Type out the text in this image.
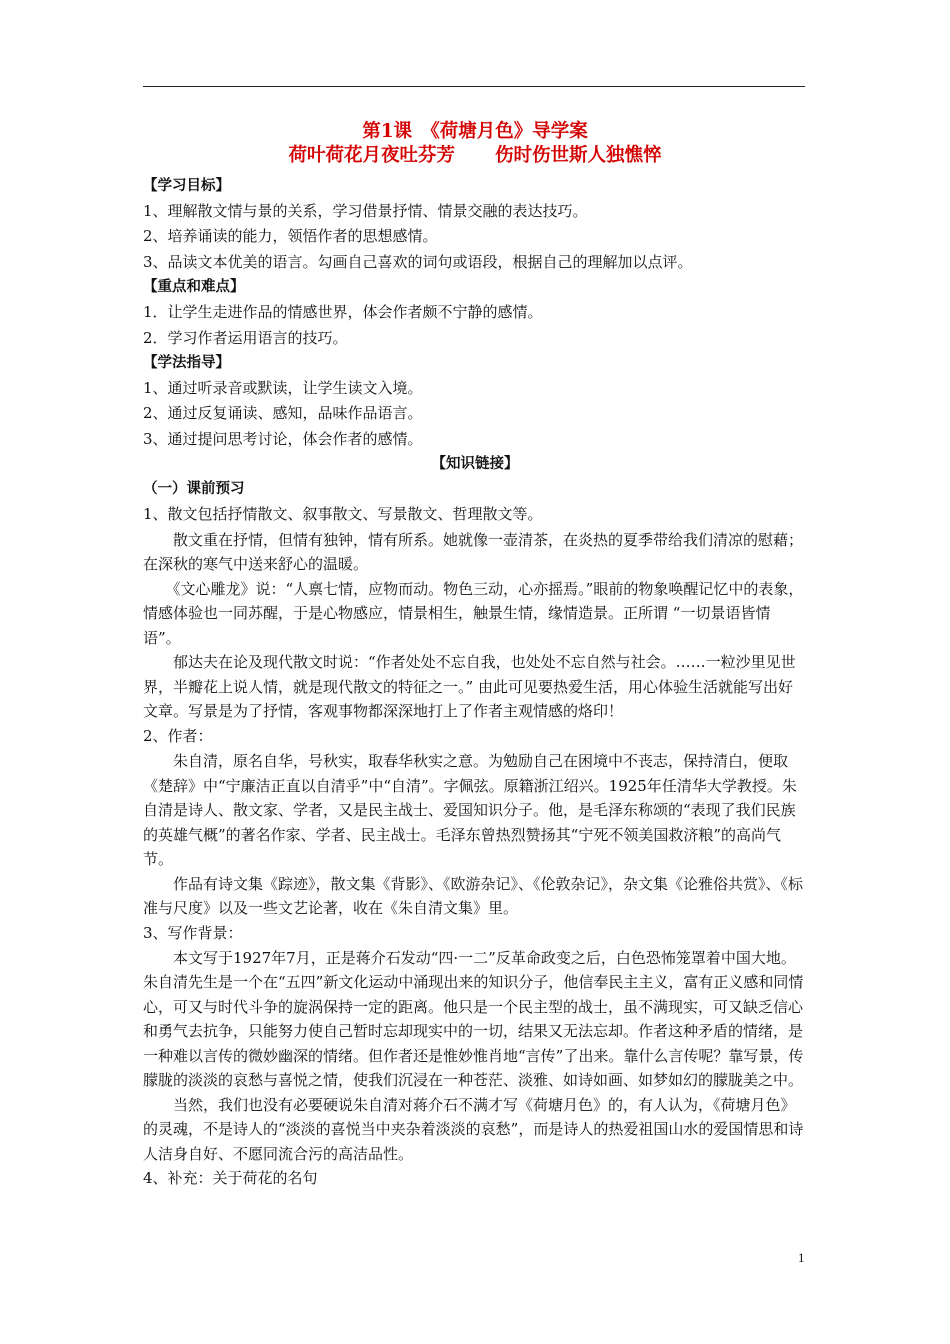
第1课　《荷塘月色》导学案

荷叶荷花月夜吐芬芳 伤时伤世斯人独憔悴

【学习目标】

1、理解散文情与景的关系，学习借景抒情、情景交融的表达技巧。

2、培养诵读的能力，领悟作者的思想感情。

3、品读文本优美的语言。勾画自己喜欢的词句或语段，根据自己的理解加以点评。

【重点和难点】

1．让学生走进作品的情感世界，体会作者颇不宁静的感情。

2．学习作者运用语言的技巧。

【学法指导】

1、通过听录音或默读，让学生读文入境。

2、通过反复诵读、感知，品味作品语言。

3、通过提问思考讨论，体会作者的感情。

【知识链接】

（一）课前预习

1、散文包括抒情散文、叙事散文、写景散文、哲理散文等。

散文重在抒情，但情有独钟，情有所系。她就像一壶清茶，在炎热的夏季带给我们清凉的慰藉；在深秋的寒气中送来舒心的温暖。

《文心雕龙》说：“人禀七情，应物而动。物色三动，心亦摇焉。”眼前的物象唤醒记忆中的表象，情感体验也一同苏醒，于是心物感应，情景相生，触景生情，缘情造景。正所谓 “一切景语皆情语”。

郁达夫在论及现代散文时说：“作者处处不忘自我，也处处不忘自然与社会。……一粒沙里见世界，半瓣花上说人情，就是现代散文的特征之一。” 由此可见要热爱生活，用心体验生活就能写出好文章。写景是为了抒情，客观事物都深深地打上了作者主观情感的烙印！

2、作者：

朱自清，原名自华，号秋实，取春华秋实之意。为勉励自己在困境中不丧志，保持清白，便取《楚辞》中“宁廉洁正直以自清乎”中“自清”。字佩弦。原籍浙江绍兴。1925年任清华大学教授。朱自清是诗人、散文家、学者，又是民主战士、爱国知识分子。他，是毛泽东称颂的“表现了我们民族的英雄气概”的著名作家、学者、民主战士。毛泽东曾热烈赞扬其“宁死不领美国救济粮”的高尚气节。

作品有诗文集《踪迹》，散文集《背影》、《欧游杂记》、《伦敦杂记》，杂文集《论雅俗共赏》、《标准与尺度》以及一些文艺论著，收在《朱自清文集》里。

3、写作背景：

本文写于1927年7月，正是蒋介石发动“四·一二”反革命政变之后，白色恐怖笼罩着中国大地。朱自清先生是一个在“五四”新文化运动中涌现出来的知识分子，他信奉民主主义，富有正义感和同情心，可又与时代斗争的旋涡保持一定的距离。他只是一个民主型的战士，虽不满现实，可又缺乏信心和勇气去抗争，只能努力使自己暂时忘却现实中的一切，结果又无法忘却。作者这种矛盾的情绪，是一种难以言传的微妙幽深的情绪。但作者还是惟妙惟肖地“言传”了出来。靠什么言传呢？靠写景，传朦胧的淡淡的哀愁与喜悦之情，使我们沉浸在一种苍茫、淡雅、如诗如画、如梦如幻的朦胧美之中。

当然，我们也没有必要硬说朱自清对蒋介石不满才写《荷塘月色》的，有人认为，《荷塘月色》的灵魂，不是诗人的“淡淡的喜悦当中夹杂着淡淡的哀愁”，而是诗人的热爱祖国山水的爱国情思和诗人洁身自好、不愿同流合污的高洁品性。

4、补充：关于荷花的名句

1
